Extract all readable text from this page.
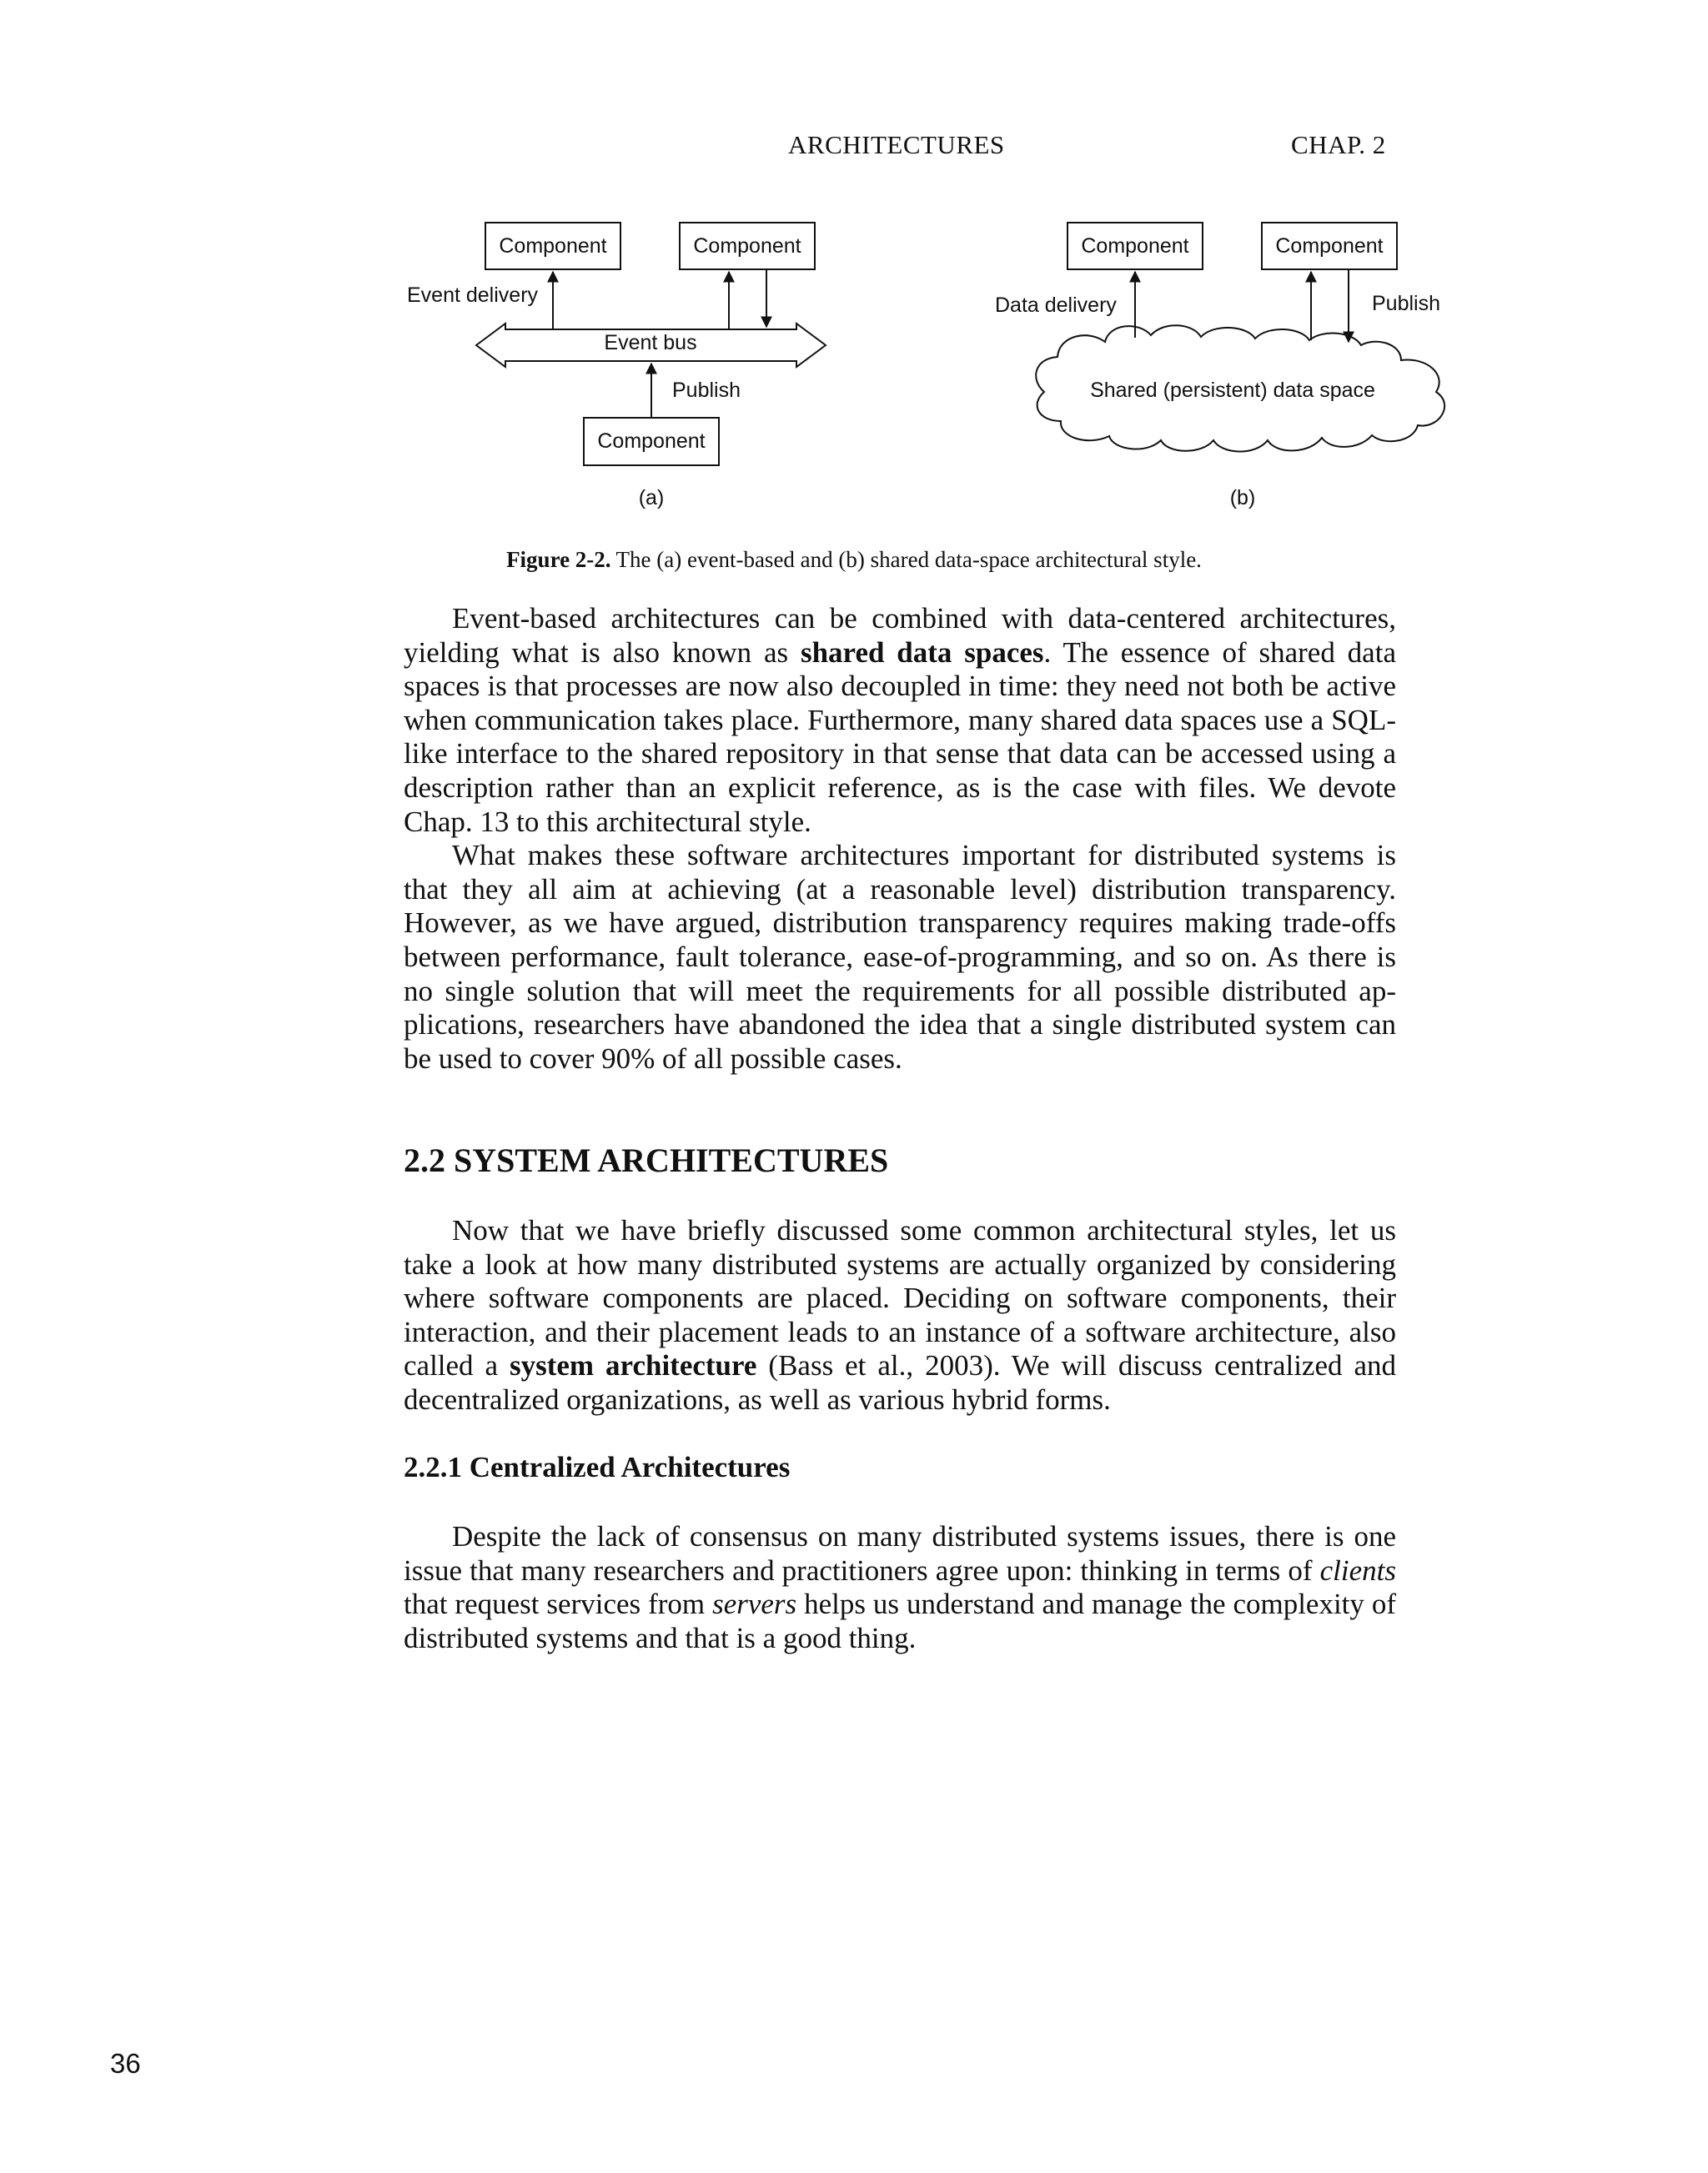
ARCHITECTURES	CHAP. 2
Component	Component
Component
Event bus
Event delivery
Publish
(a)
Component	Component
Shared (persistent) data space
Data delivery	Publish
(b)
Figure 2-2. The (a) event-based and (b) shared data-space architectural style.

Event-based architectures can be combined with data-centered architectures, yielding what is also known as shared data spaces. The essence of shared data spaces is that processes are now also decoupled in time: they need not both be active when communication takes place. Furthermore, many shared data spaces use a SQL-like interface to the shared repository in that sense that data can be accessed using a description rather than an explicit reference, as is the case with files. We devote Chap. 13 to this architectural style.

What makes these software architectures important for distributed systems is that they all aim at achieving (at a reasonable level) distribution transparency. However, as we have argued, distribution transparency requires making trade-offs between performance, fault tolerance, ease-of-programming, and so on. As there is no single solution that will meet the requirements for all possible distributed applications, researchers have abandoned the idea that a single distributed system can be used to cover 90% of all possible cases.

2.2 SYSTEM ARCHITECTURES

Now that we have briefly discussed some common architectural styles, let us take a look at how many distributed systems are actually organized by considering where software components are placed. Deciding on software components, their interaction, and their placement leads to an instance of a software architecture, also called a system architecture (Bass et al., 2003). We will discuss centralized and decentralized organizations, as well as various hybrid forms.

2.2.1 Centralized Architectures

Despite the lack of consensus on many distributed systems issues, there is one issue that many researchers and practitioners agree upon: thinking in terms of clients that request services from servers helps us understand and manage the complexity of distributed systems and that is a good thing.

36
